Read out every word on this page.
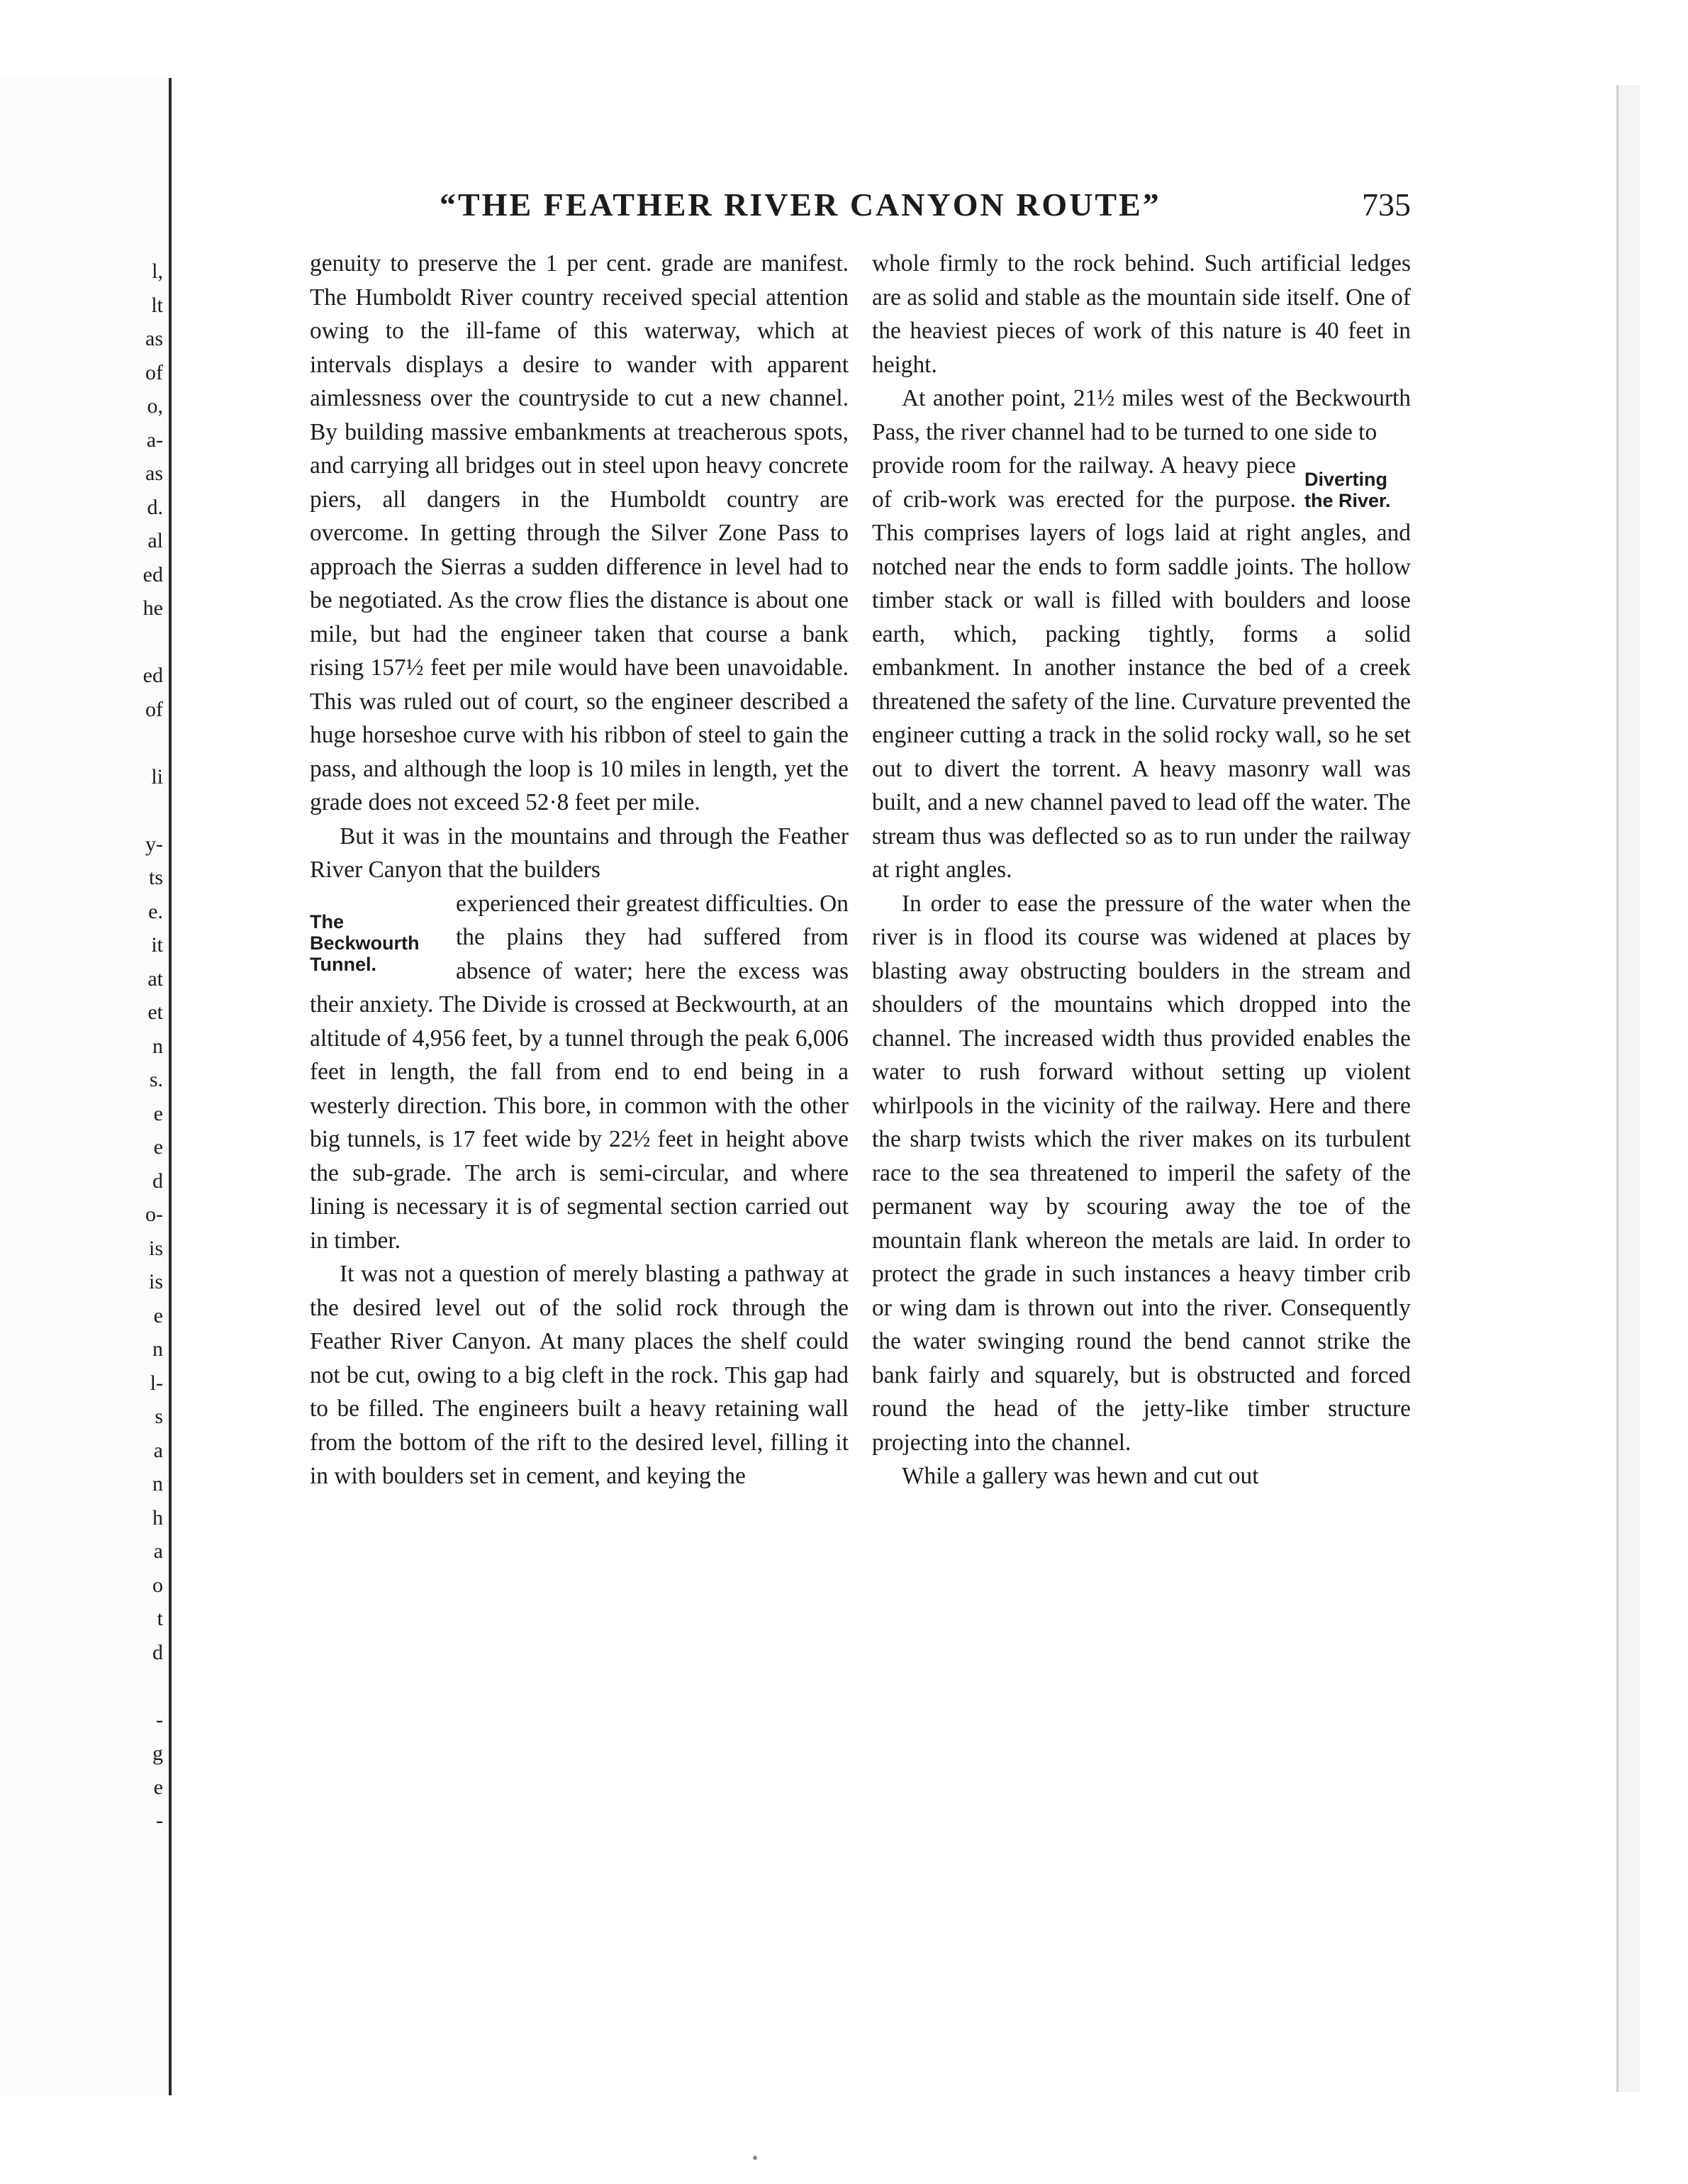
l,
lt
as
of
o,
a-
as
d.
al
ed
he
ed
of
li
y-
ts
e.
it
at
et
n
s.
e
e
d
o-
is
is
e
n
l-
s
a
n
h
a
o
t
d
-
g
e
-
“THE FEATHER RIVER CANYON ROUTE”	735

genuity to preserve the 1 per cent. grade are manifest. The Humboldt River country received special attention owing to the ill-fame of this waterway, which at intervals displays a desire to wander with apparent aimlessness over the countryside to cut a new channel. By building massive embankments at treacherous spots, and carrying all bridges out in steel upon heavy concrete piers, all dangers in the Humboldt country are overcome. In getting through the Silver Zone Pass to approach the Sierras a sudden difference in level had to be negotiated. As the crow flies the distance is about one mile, but had the engineer taken that course a bank rising 157½ feet per mile would have been unavoidable. This was ruled out of court, so the engineer described a huge horseshoe curve with his ribbon of steel to gain the pass, and although the loop is 10 miles in length, yet the grade does not exceed 52·8 feet per mile.

But it was in the mountains and through the Feather River Canyon that the builders

The Beckwourth Tunnel.

experienced their greatest difficulties. On the plains they had suffered from absence of water; here the excess was their anxiety. The Divide is crossed at Beckwourth, at an altitude of 4,956 feet, by a tunnel through the peak 6,006 feet in length, the fall from end to end being in a westerly direction. This bore, in common with the other big tunnels, is 17 feet wide by 22½ feet in height above the sub-grade. The arch is semi-circular, and where lining is necessary it is of segmental section carried out in timber.

It was not a question of merely blasting a pathway at the desired level out of the solid rock through the Feather River Canyon. At many places the shelf could not be cut, owing to a big cleft in the rock. This gap had to be filled. The engineers built a heavy retaining wall from the bottom of the rift to the desired level, filling it in with boulders set in cement, and keying the

whole firmly to the rock behind. Such artificial ledges are as solid and stable as the mountain side itself. One of the heaviest pieces of work of this nature is 40 feet in height.

At another point, 21½ miles west of the Beckwourth Pass, the river channel had to be turned to one side to

Diverting the River.

provide room for the railway. A heavy piece of crib-work was erected for the purpose. This comprises layers of logs laid at right angles, and notched near the ends to form saddle joints. The hollow timber stack or wall is filled with boulders and loose earth, which, packing tightly, forms a solid embankment. In another instance the bed of a creek threatened the safety of the line. Curvature prevented the engineer cutting a track in the solid rocky wall, so he set out to divert the torrent. A heavy masonry wall was built, and a new channel paved to lead off the water. The stream thus was deflected so as to run under the railway at right angles.

In order to ease the pressure of the water when the river is in flood its course was widened at places by blasting away obstructing boulders in the stream and shoulders of the mountains which dropped into the channel. The increased width thus provided enables the water to rush forward without setting up violent whirlpools in the vicinity of the railway. Here and there the sharp twists which the river makes on its turbulent race to the sea threatened to imperil the safety of the permanent way by scouring away the toe of the mountain flank whereon the metals are laid. In order to protect the grade in such instances a heavy timber crib or wing dam is thrown out into the river. Consequently the water swinging round the bend cannot strike the bank fairly and squarely, but is obstructed and forced round the head of the jetty-like timber structure projecting into the channel.

While a gallery was hewn and cut out
